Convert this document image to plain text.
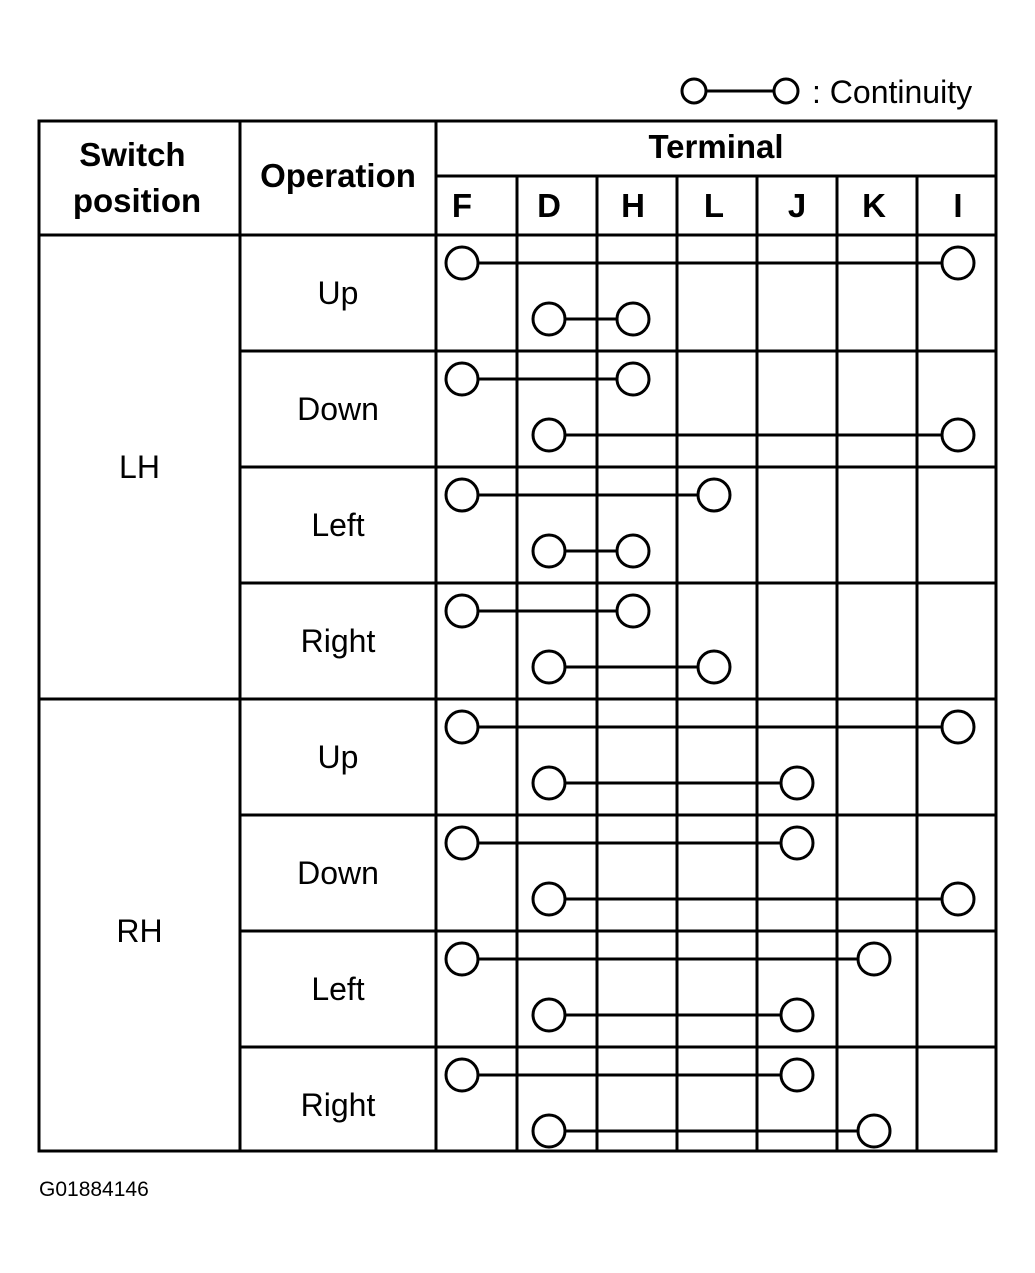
: Continuity
Switch position
Operation
Terminal
F D H L J K I
LH
Up
Down
Left
Right
RH
Up
Down
Left
Right
G01884146
